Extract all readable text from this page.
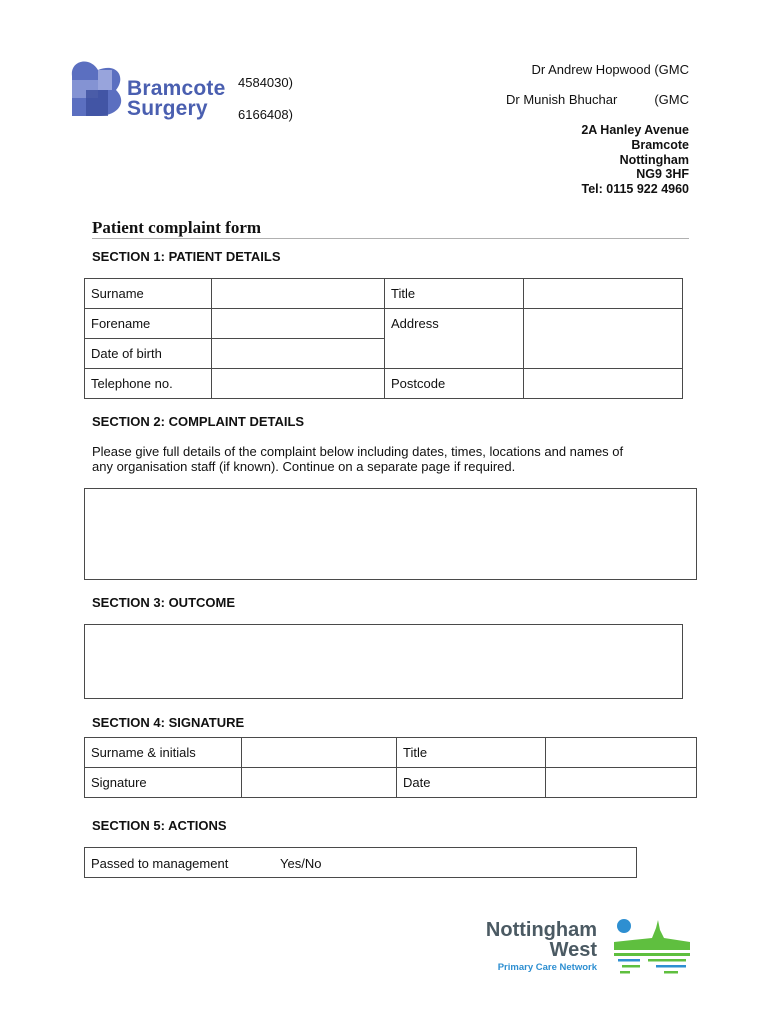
Bramcote
Surgery
4584030)
6166408)
Dr Andrew Hopwood (GMC
Dr Munish Bhuchar	(GMC
2A Hanley Avenue
Bramcote
Nottingham
NG9 3HF
Tel: 0115 922 4960
Patient complaint form
SECTION 1: PATIENT DETAILS
Surname		Title	
Forename		Address	
Date of birth			
Telephone no.		Postcode	
SECTION 2: COMPLAINT DETAILS
Please give full details of the complaint below including dates, times, locations and names of
any organisation staff (if known). Continue on a separate page if required.
SECTION 3: OUTCOME
SECTION 4: SIGNATURE
Surname & initials		Title	
Signature		Date	
SECTION 5: ACTIONS
Passed to management	Yes/No
Nottingham
West
Primary Care Network
